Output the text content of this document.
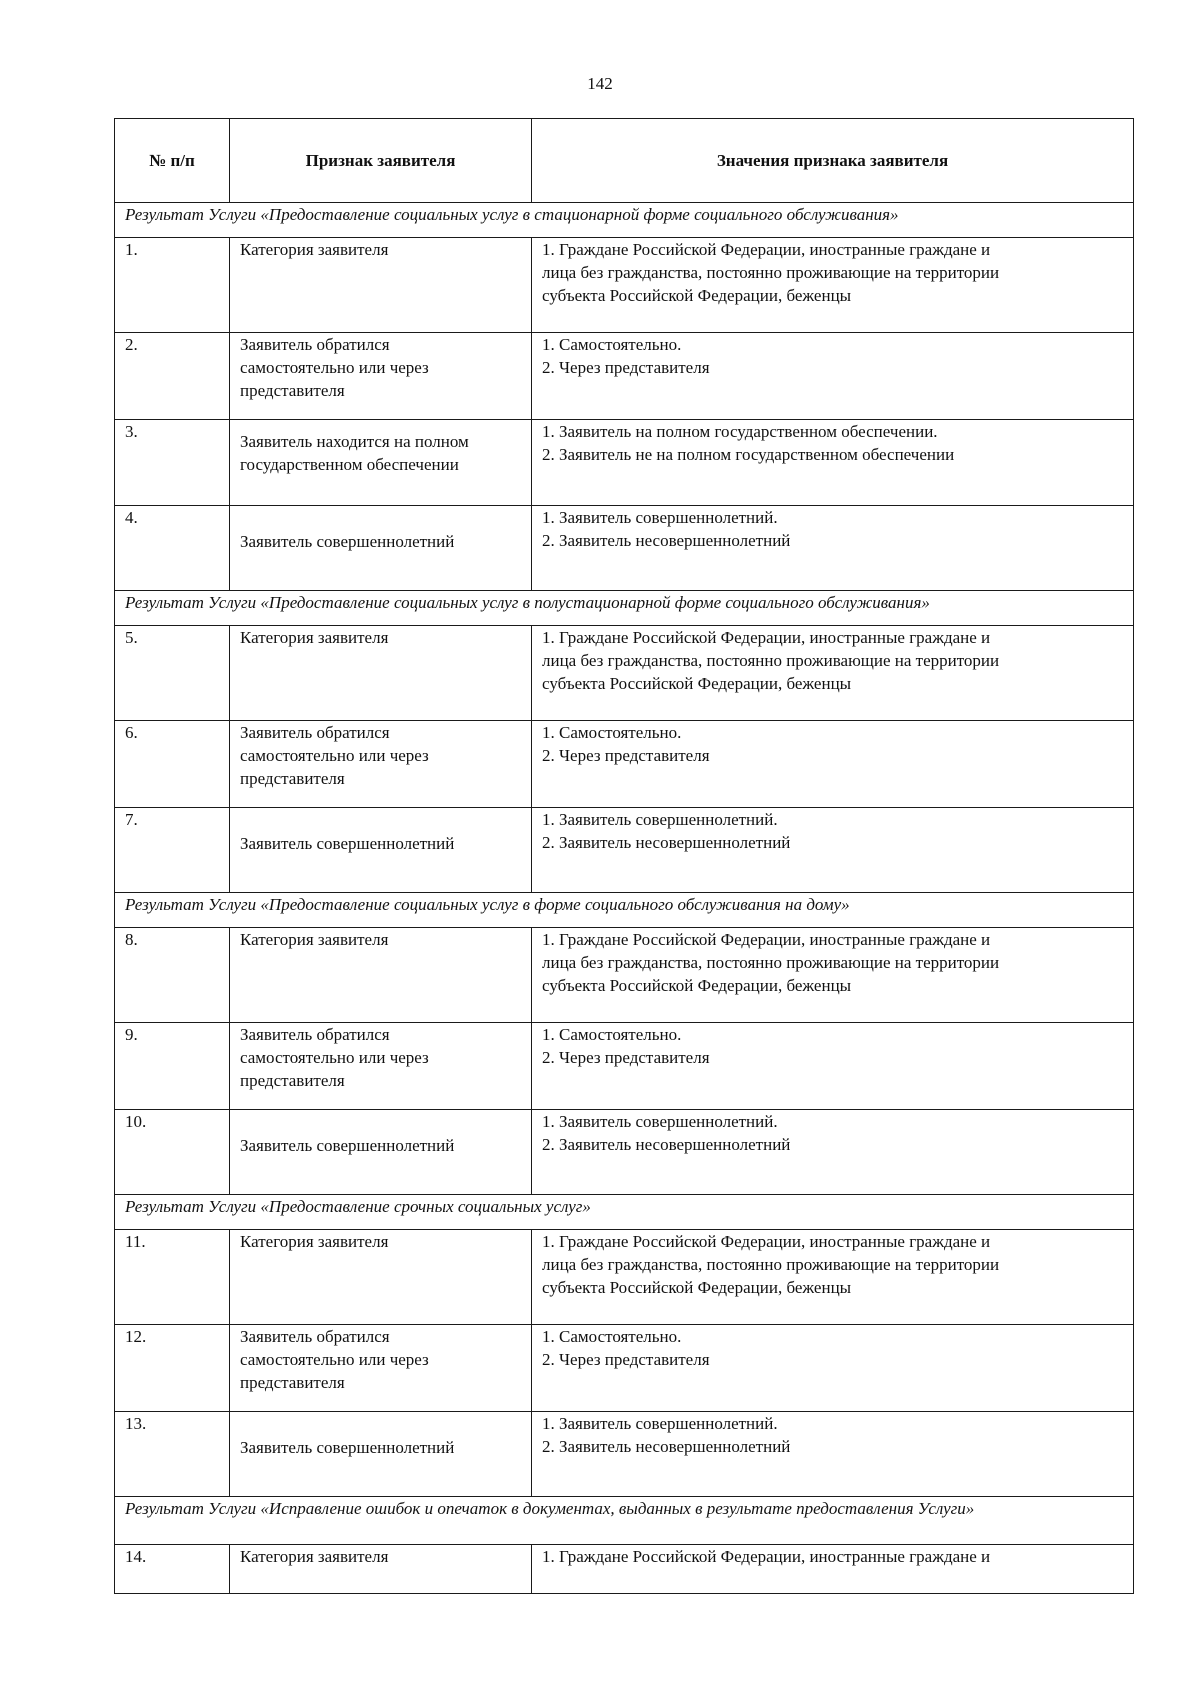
142
№ п/п	Признак заявителя	Значения признака заявителя
Результат Услуги «Предоставление социальных услуг в стационарной форме социального обслуживания»		
1.	Категория заявителя	1. Граждане Российской Федерации, иностранные граждане и
лица без гражданства, постоянно проживающие на территории
субъекта Российской Федерации, беженцы

2.	Заявитель обратился
самостоятельно или через
представителя	1. Самостоятельно.
2. Через представителя

3.	Заявитель находится на полном
государственном обеспечении	1. Заявитель на полном государственном обеспечении.
2. Заявитель не на полном государственном обеспечении

4.	Заявитель совершеннолетний	1. Заявитель совершеннолетний.
2. Заявитель несовершеннолетний

Результат Услуги «Предоставление социальных услуг в полустационарной форме социального обслуживания»		
5.	Категория заявителя	1. Граждане Российской Федерации, иностранные граждане и
лица без гражданства, постоянно проживающие на территории
субъекта Российской Федерации, беженцы

6.	Заявитель обратился
самостоятельно или через
представителя	1. Самостоятельно.
2. Через представителя

7.	Заявитель совершеннолетний	1. Заявитель совершеннолетний.
2. Заявитель несовершеннолетний

Результат Услуги «Предоставление социальных услуг в форме социального обслуживания на дому»		
8.	Категория заявителя	1. Граждане Российской Федерации, иностранные граждане и
лица без гражданства, постоянно проживающие на территории
субъекта Российской Федерации, беженцы

9.	Заявитель обратился
самостоятельно или через
представителя	1. Самостоятельно.
2. Через представителя

10.	Заявитель совершеннолетний	1. Заявитель совершеннолетний.
2. Заявитель несовершеннолетний

Результат Услуги «Предоставление срочных социальных услуг»		
11.	Категория заявителя	1. Граждане Российской Федерации, иностранные граждане и
лица без гражданства, постоянно проживающие на территории
субъекта Российской Федерации, беженцы

12.	Заявитель обратился
самостоятельно или через
представителя	1. Самостоятельно.
2. Через представителя

13.	Заявитель совершеннолетний	1. Заявитель совершеннолетний.
2. Заявитель несовершеннолетний

Результат Услуги «Исправление ошибок и опечаток в документах, выданных в результате предоставления Услуги»		
14.	Категория заявителя	1. Граждане Российской Федерации, иностранные граждане и
